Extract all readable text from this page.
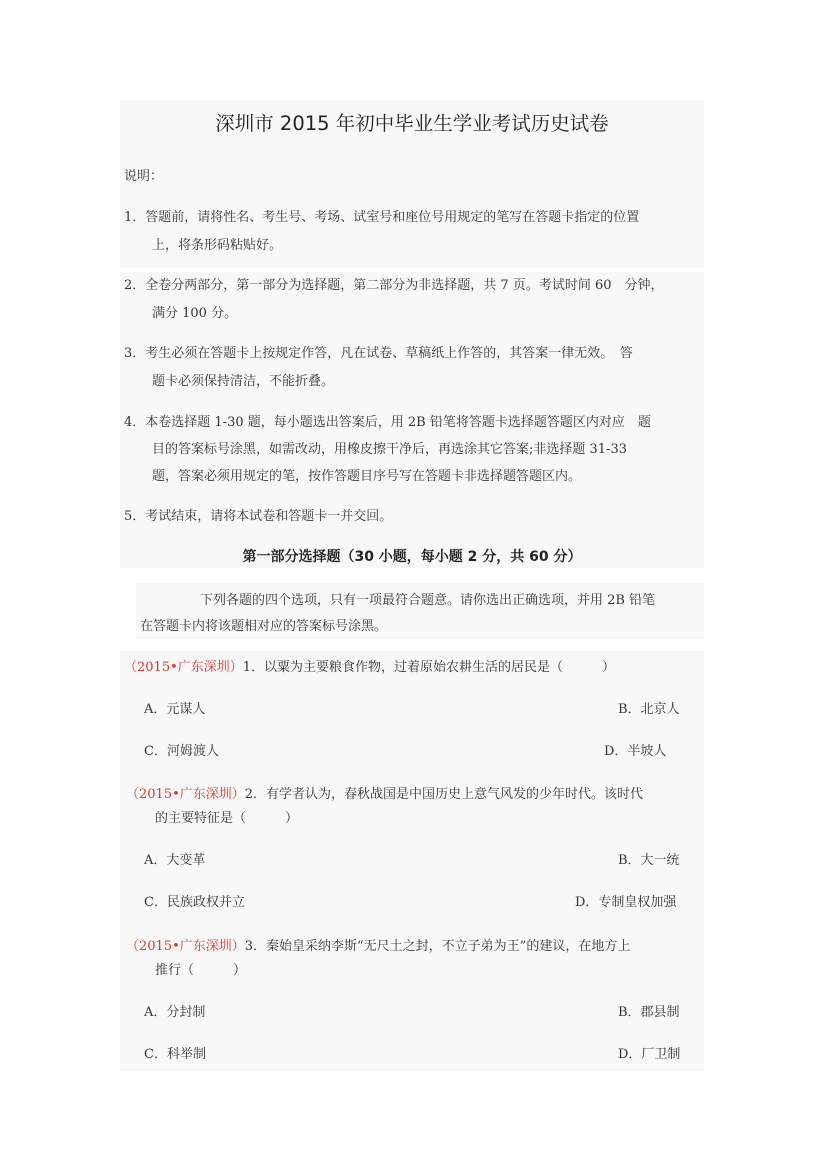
深圳市 2015 年初中毕业生学业考试历史试卷
说明：
1．答题前，请将性名、考生号、考场、试室号和座位号用规定的笔写在答题卡指定的位置
上，将条形码粘贴好。
2．全卷分两部分，第一部分为选择题，第二部分为非选择题，共 7 页。考试时间 60　分钟，
满分 100 分。
3．考生必须在答题卡上按规定作答，凡在试卷、草稿纸上作答的，其答案一律无效。　答
题卡必须保持清洁，不能折叠。
4．本卷选择题 1-30 题，每小题选出答案后，用 2B 铅笔将答题卡选择题答题区内对应　题
目的答案标号涂黑，如需改动，用橡皮擦干净后，再选涂其它答案;非选择题 31-33
题，答案必须用规定的笔，按作答题目序号写在答题卡非选择题答题区内。
5．考试结束，请将本试卷和答题卡一并交回。
第一部分选择题（30 小题，每小题 2 分，共 60 分）
下列各题的四个选项，只有一项最符合题意。请你选出正确选项，并用 2B 铅笔
在答题卡内将该题相对应的答案标号涂黑。
（2015•广东深圳）1．以粟为主要粮食作物，过着原始农耕生活的居民是（　　　）
A．元谋人	B．北京人
C．河姆渡人	D．半坡人
（2015•广东深圳）2．有学者认为，春秋战国是中国历史上意气风发的少年时代。该时代
的主要特征是（　　　）
A．大变革	B．大一统
C．民族政权并立	D．专制皇权加强
（2015•广东深圳）3．秦始皇采纳李斯“无尺土之封，不立子弟为王”的建议，在地方上
推行（　　　）
A．分封制	B．郡县制
C．科举制	D．厂卫制
